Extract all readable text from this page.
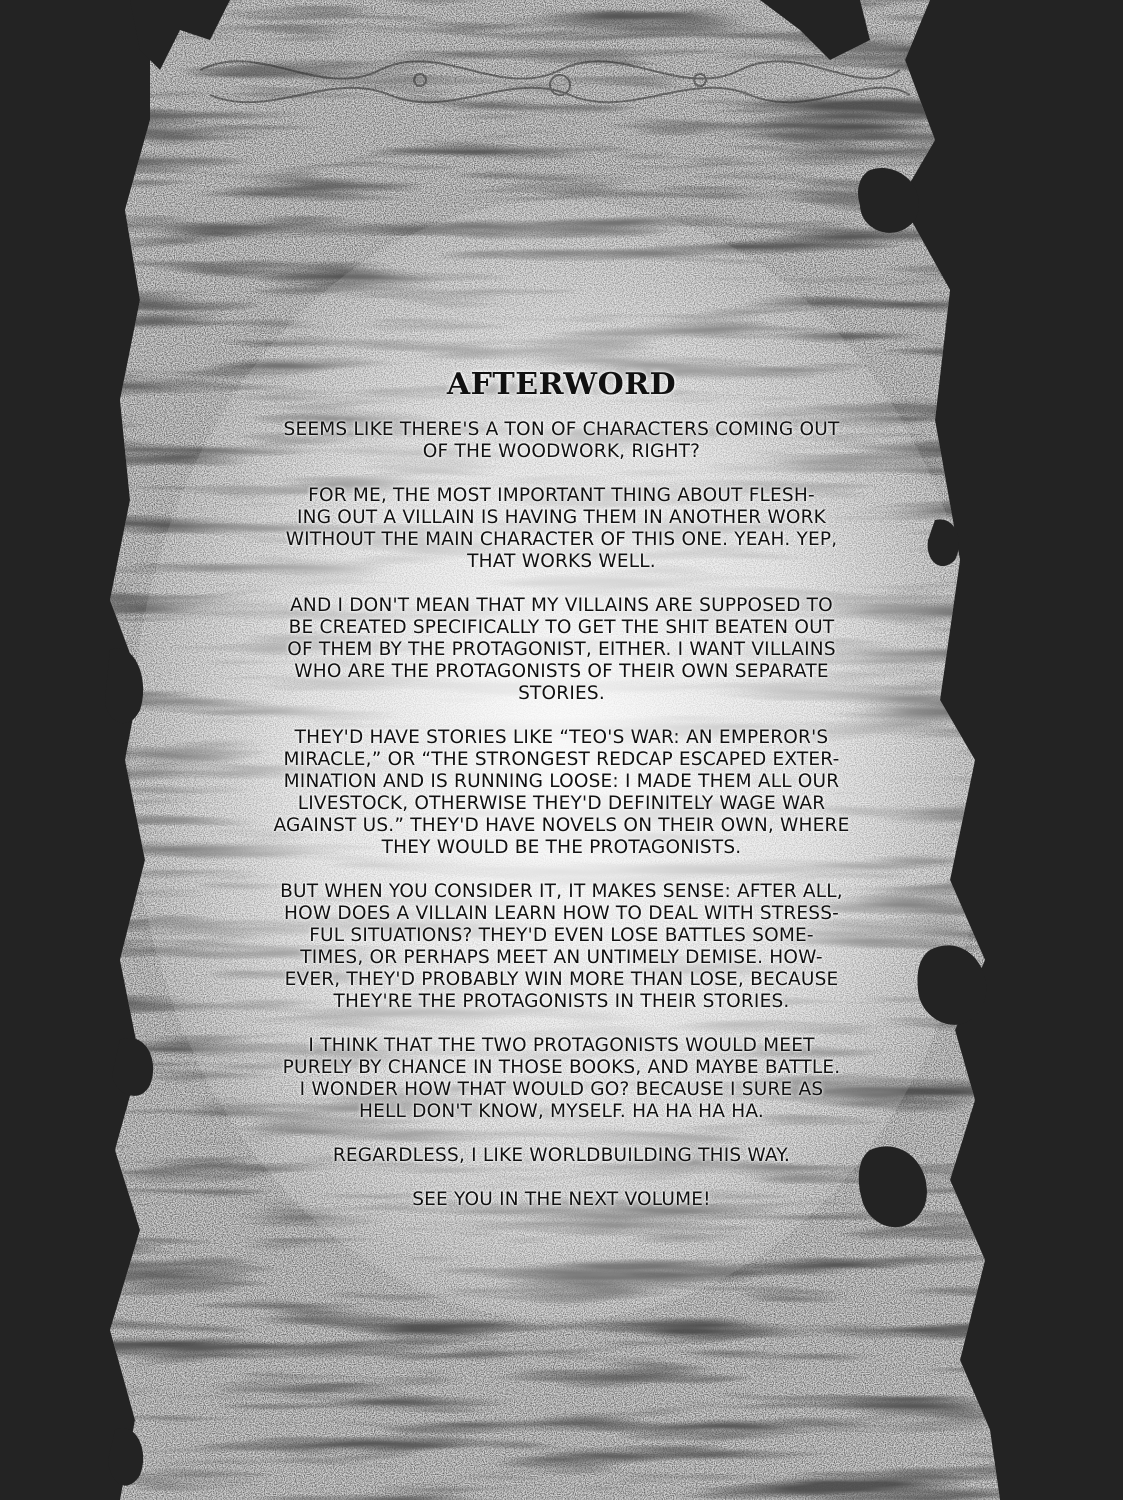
AFTERWORD

SEEMS LIKE THERE'S A TON OF CHARACTERS COMING OUT
OF THE WOODWORK, RIGHT?

FOR ME, THE MOST IMPORTANT THING ABOUT FLESH-
ING OUT A VILLAIN IS HAVING THEM IN ANOTHER WORK
WITHOUT THE MAIN CHARACTER OF THIS ONE. YEAH. YEP,
THAT WORKS WELL.

AND I DON'T MEAN THAT MY VILLAINS ARE SUPPOSED TO
BE CREATED SPECIFICALLY TO GET THE SHIT BEATEN OUT
OF THEM BY THE PROTAGONIST, EITHER. I WANT VILLAINS
WHO ARE THE PROTAGONISTS OF THEIR OWN SEPARATE
STORIES.

THEY'D HAVE STORIES LIKE “TEO'S WAR: AN EMPEROR'S
MIRACLE,” OR “THE STRONGEST REDCAP ESCAPED EXTER-
MINATION AND IS RUNNING LOOSE: I MADE THEM ALL OUR
LIVESTOCK, OTHERWISE THEY'D DEFINITELY WAGE WAR
AGAINST US.” THEY'D HAVE NOVELS ON THEIR OWN, WHERE
THEY WOULD BE THE PROTAGONISTS.

BUT WHEN YOU CONSIDER IT, IT MAKES SENSE: AFTER ALL,
HOW DOES A VILLAIN LEARN HOW TO DEAL WITH STRESS-
FUL SITUATIONS? THEY'D EVEN LOSE BATTLES SOME-
TIMES, OR PERHAPS MEET AN UNTIMELY DEMISE. HOW-
EVER, THEY'D PROBABLY WIN MORE THAN LOSE, BECAUSE
THEY'RE THE PROTAGONISTS IN THEIR STORIES.

I THINK THAT THE TWO PROTAGONISTS WOULD MEET
PURELY BY CHANCE IN THOSE BOOKS, AND MAYBE BATTLE.
I WONDER HOW THAT WOULD GO? BECAUSE I SURE AS
HELL DON'T KNOW, MYSELF. HA HA HA HA.

REGARDLESS, I LIKE WORLDBUILDING THIS WAY.

SEE YOU IN THE NEXT VOLUME!
